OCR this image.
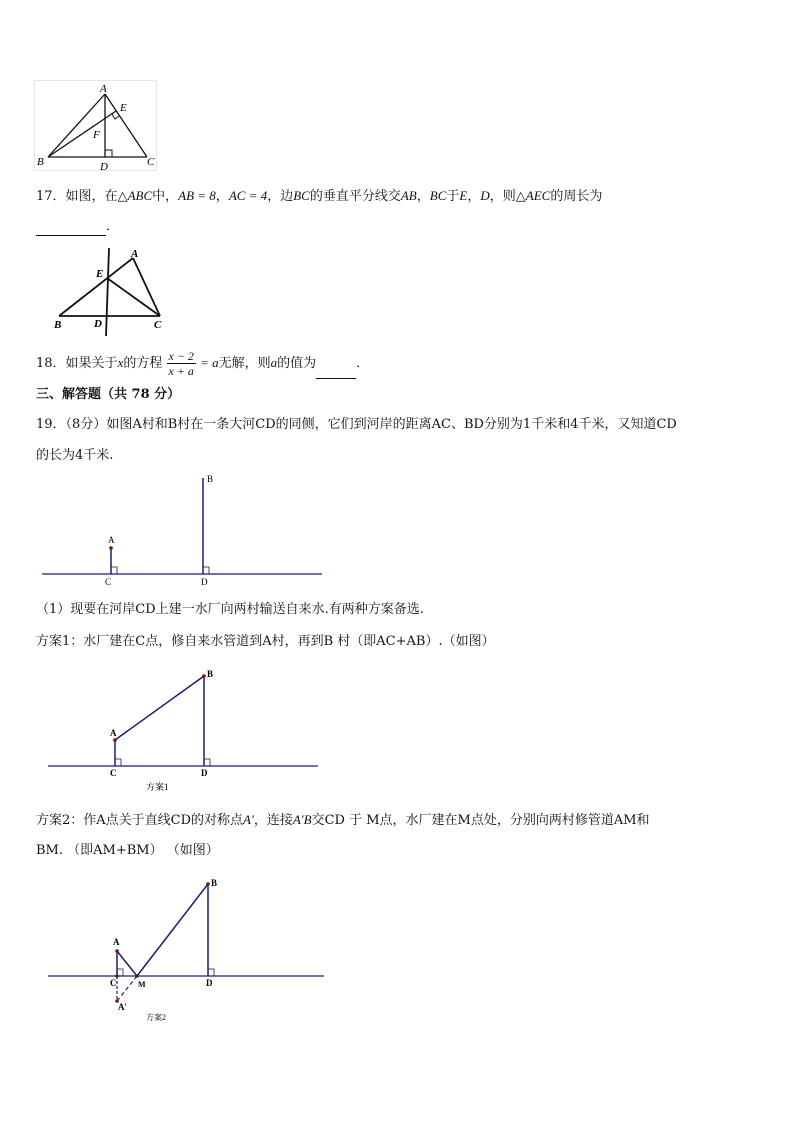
A
E
F
B	D	C
17．如图，在△ABC中，AB = 8，AC = 4，边BC的垂直平分线交AB，BC于E，D，则△AEC的周长为
．
A
E
B	D	C
18．如果关于x的方程 $\frac{x - 2}{x + a} = a$无解，则a的值为	．
三、解答题（共 78 分）
19．（8分）如图A村和B村在一条大河CD的同侧，它们到河岸的距离AC、BD分别为1千米和4千米，又知道CD
的长为4千米.
A
B
C	D
（1）现要在河岸CD上建一水厂向两村输送自来水.有两种方案备选.
方案1：水厂建在C点，修自来水管道到A村，再到B 村（即AC+AB）.（如图）
A
B
C	D
方案1
方案2：作A点关于直线CD的对称点A′，连接A′B交CD 于 M点，水厂建在M点处，分别向两村修管道AM和
BM. （即AM+BM） （如图）
A
B
C	M	D
A′
方案2
